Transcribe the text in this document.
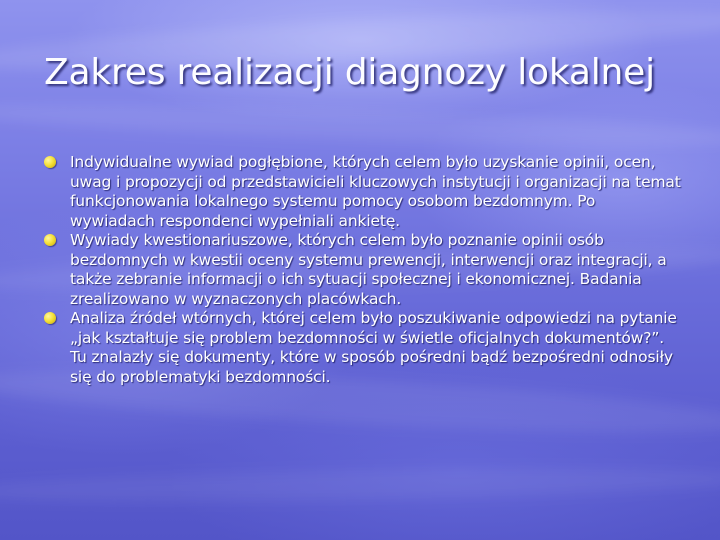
Zakres realizacji diagnozy lokalnej
Indywidualne wywiad pogłębione, których celem było uzyskanie opinii, ocen, uwag i propozycji od przedstawicieli kluczowych instytucji i organizacji na temat funkcjonowania lokalnego systemu pomocy osobom bezdomnym. Po wywiadach respondenci wypełniali ankietę.
Wywiady kwestionariuszowe, których celem było poznanie opinii osób bezdomnych w kwestii oceny systemu prewencji, interwencji oraz integracji, a także zebranie informacji o ich sytuacji społecznej i ekonomicznej. Badania zrealizowano w wyznaczonych placówkach.
Analiza źródeł wtórnych, której celem było poszukiwanie odpowiedzi na pytanie „jak kształtuje się problem bezdomności w świetle oficjalnych dokumentów?”. Tu znalazły się dokumenty, które w sposób pośredni bądź bezpośredni odnosiły się do problematyki bezdomności.
